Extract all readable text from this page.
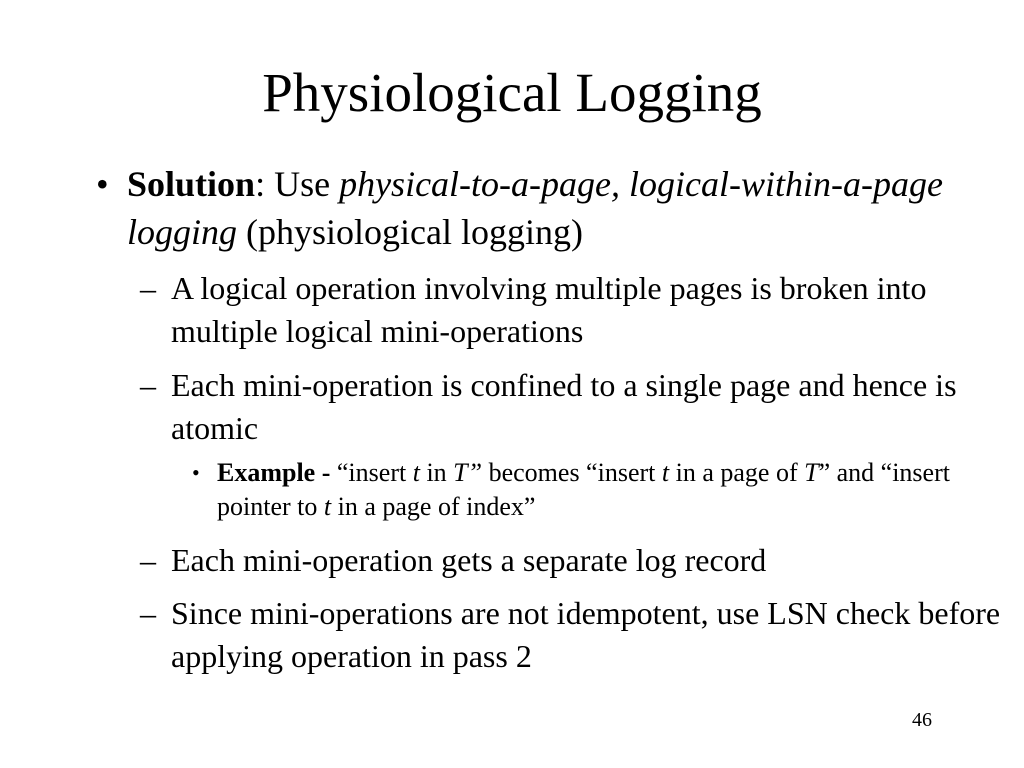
Physiological Logging
• Solution: Use physical-to-a-page, logical-within-a-page logging (physiological logging)
– A logical operation involving multiple pages is broken into multiple logical mini-operations
– Each mini-operation is confined to a single page and hence is atomic
• Example - “insert t in T” becomes “insert t in a page of T” and “insert pointer to t in a page of index”
– Each mini-operation gets a separate log record
– Since mini-operations are not idempotent, use LSN check before applying operation in pass 2
46
